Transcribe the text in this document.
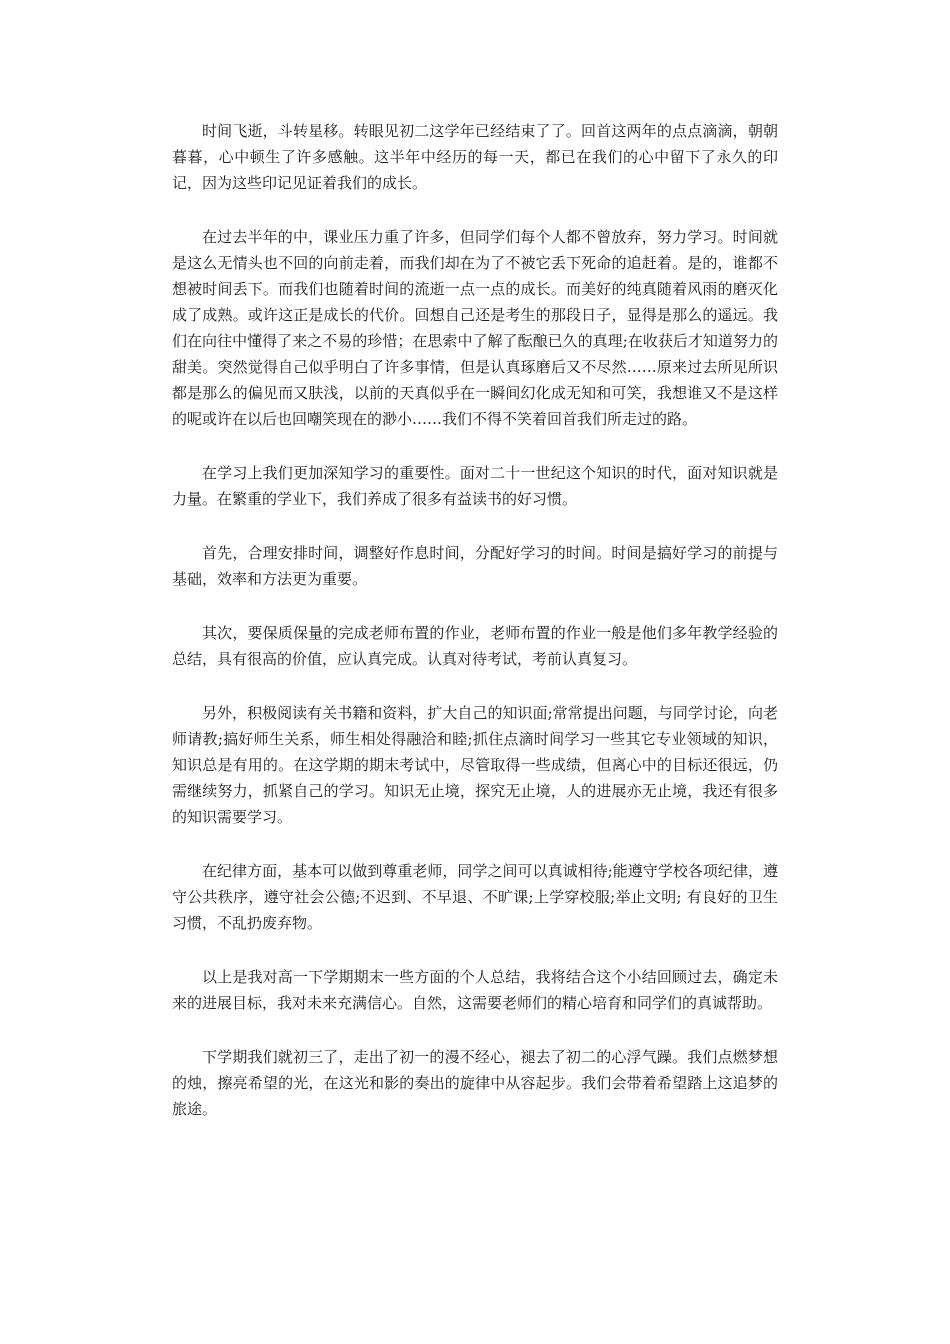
时间飞逝，斗转星移。转眼见初二这学年已经结束了了。回首这两年的点点滴滴，朝朝暮暮，心中顿生了许多感触。这半年中经历的每一天，都已在我们的心中留下了永久的印记，因为这些印记见证着我们的成长。

在过去半年的中，课业压力重了许多，但同学们每个人都不曾放弃，努力学习。时间就是这么无情头也不回的向前走着，而我们却在为了不被它丢下死命的追赶着。是的，谁都不想被时间丢下。而我们也随着时间的流逝一点一点的成长。而美好的纯真随着风雨的磨灭化成了成熟。或许这正是成长的代价。回想自己还是考生的那段日子，显得是那么的遥远。我们在向往中懂得了来之不易的珍惜；在思索中了解了酝酿已久的真理;在收获后才知道努力的甜美。突然觉得自己似乎明白了许多事情，但是认真琢磨后又不尽然……原来过去所见所识都是那么的偏见而又肤浅，以前的天真似乎在一瞬间幻化成无知和可笑，我想谁又不是这样的呢或许在以后也回嘲笑现在的渺小……我们不得不笑着回首我们所走过的路。

在学习上我们更加深知学习的重要性。面对二十一世纪这个知识的时代，面对知识就是力量。在繁重的学业下，我们养成了很多有益读书的好习惯。

首先，合理安排时间，调整好作息时间，分配好学习的时间。时间是搞好学习的前提与基础，效率和方法更为重要。

其次，要保质保量的完成老师布置的作业，老师布置的作业一般是他们多年教学经验的总结，具有很高的价值，应认真完成。认真对待考试，考前认真复习。

另外，积极阅读有关书籍和资料，扩大自己的知识面;常常提出问题，与同学讨论，向老师请教;搞好师生关系，师生相处得融洽和睦;抓住点滴时间学习一些其它专业领域的知识，知识总是有用的。在这学期的期末考试中，尽管取得一些成绩，但离心中的目标还很远，仍需继续努力，抓紧自己的学习。知识无止境，探究无止境，人的进展亦无止境，我还有很多的知识需要学习。

在纪律方面，基本可以做到尊重老师，同学之间可以真诚相待;能遵守学校各项纪律，遵守公共秩序，遵守社会公德;不迟到、不早退、不旷课;上学穿校服;举止文明; 有良好的卫生习惯，不乱扔废弃物。

以上是我对高一下学期期末一些方面的个人总结，我将结合这个小结回顾过去，确定未来的进展目标，我对未来充满信心。自然，这需要老师们的精心培育和同学们的真诚帮助。

下学期我们就初三了，走出了初一的漫不经心，褪去了初二的心浮气躁。我们点燃梦想的烛，擦亮希望的光，在这光和影的奏出的旋律中从容起步。我们会带着希望踏上这追梦的旅途。
